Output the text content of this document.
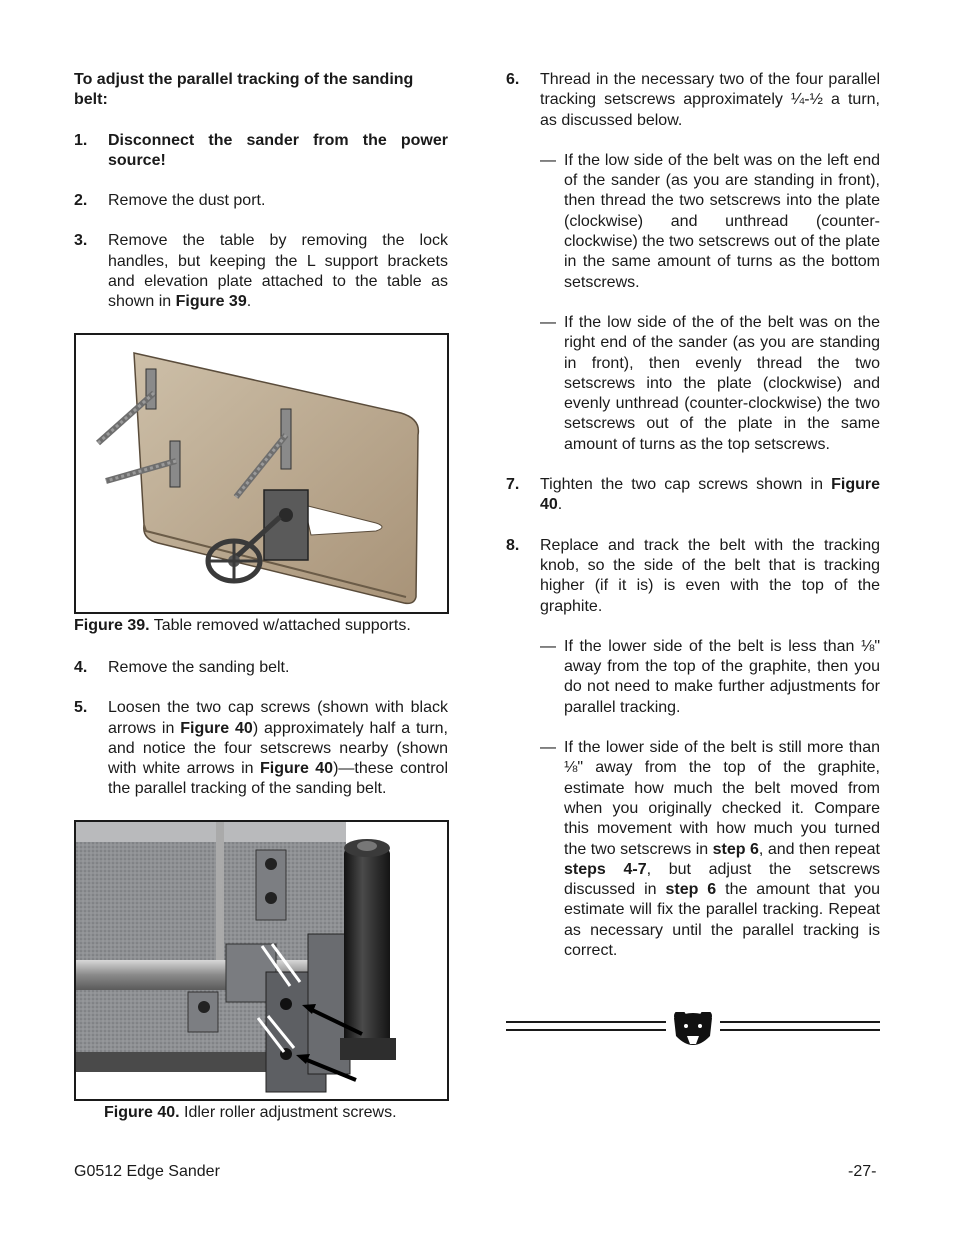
To adjust the parallel tracking of the sanding belt:

1.	Disconnect the sander from the power source!
2.	Remove the dust port.
3.	Remove the table by removing the lock handles, but keeping the L support brackets and elevation plate attached to the table as shown in Figure 39.

Figure 39. Table removed w/attached supports.

4.	Remove the sanding belt.
5.	Loosen the two cap screws (shown with black arrows in Figure 40) approximately half a turn, and notice the four setscrews nearby (shown with white arrows in Figure 40)—these control the parallel tracking of the sanding belt.

Figure 40. Idler roller adjustment screws.

6.	Thread in the necessary two of the four parallel tracking setscrews approximately ¼-½ a turn, as discussed below.
— If the low side of the belt was on the left end of the sander (as you are standing in front), then thread the two setscrews into the plate (clockwise) and unthread (counter-clockwise) the two setscrews out of the plate in the same amount of turns as the bottom setscrews.
— If the low side of the of the belt was on the right end of the sander (as you are standing in front), then evenly thread the two setscrews into the plate (clockwise) and evenly unthread (counter-clockwise) the two setscrews out of the plate in the same amount of turns as the top setscrews.
7.	Tighten the two cap screws shown in Figure 40.
8.	Replace and track the belt with the tracking knob, so the side of the belt that is tracking higher (if it is) is even with the top of the graphite.
— If the lower side of the belt is less than ⅛" away from the top of the graphite, then you do not need to make further adjustments for parallel tracking.
— If the lower side of the belt is still more than ⅛" away from the top of the graphite, estimate how much the belt moved from when you originally checked it. Compare this movement with how much you turned the two setscrews in step 6, and then repeat steps 4-7, but adjust the setscrews discussed in step 6 the amount that you estimate will fix the parallel tracking. Repeat as necessary until the parallel tracking is correct.
G0512 Edge Sander	-27-
